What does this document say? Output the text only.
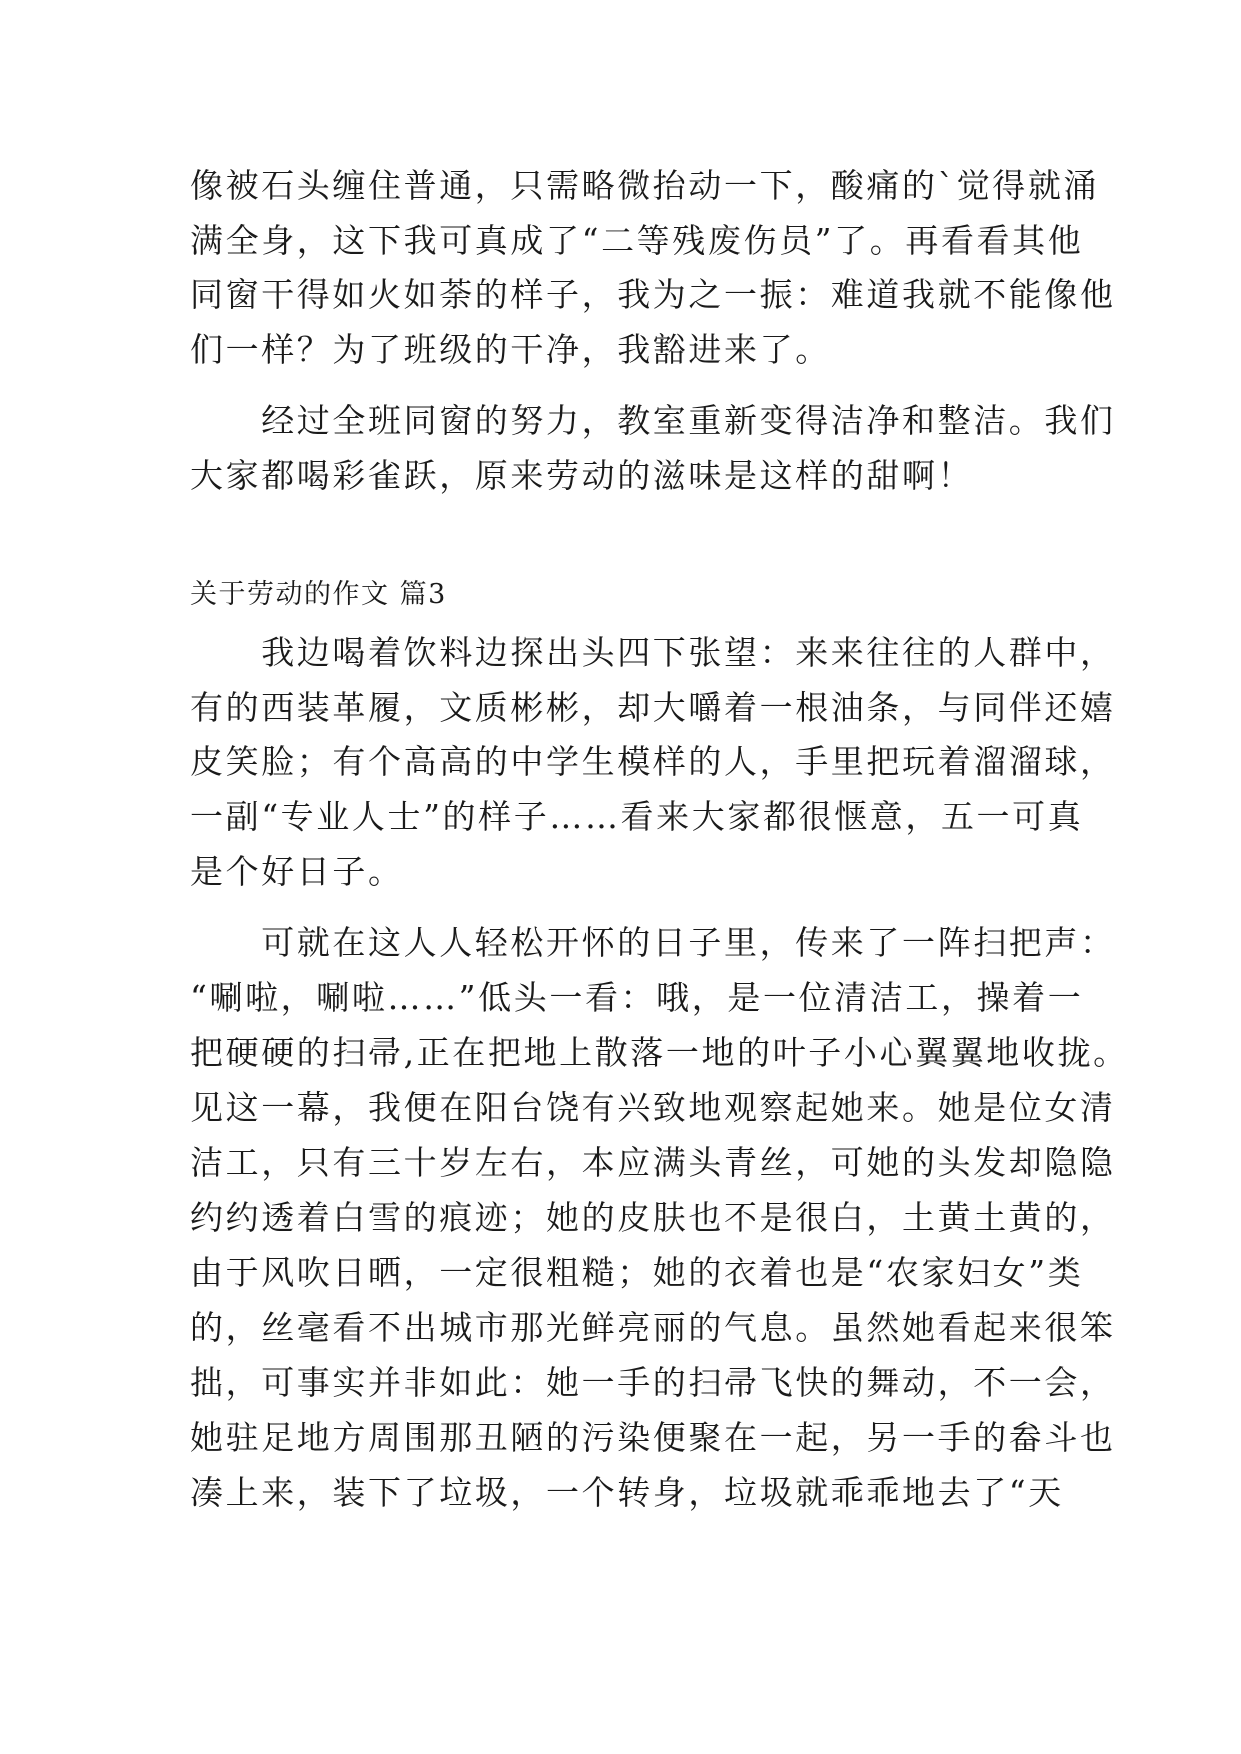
像被石头缠住普通，只需略微抬动一下，酸痛的`觉得就涌
满全身，这下我可真成了“二等残废伤员”了。再看看其他
同窗干得如火如荼的样子，我为之一振：难道我就不能像他
们一样？为了班级的干净，我豁进来了。
　　经过全班同窗的努力，教室重新变得洁净和整洁。我们
大家都喝彩雀跃，原来劳动的滋味是这样的甜啊！
关于劳动的作文 篇3
　　我边喝着饮料边探出头四下张望：来来往往的人群中，
有的西装革履，文质彬彬，却大嚼着一根油条，与同伴还嬉
皮笑脸；有个高高的中学生模样的人，手里把玩着溜溜球，
一副“专业人士”的样子……看来大家都很惬意，五一可真
是个好日子。
　　可就在这人人轻松开怀的日子里，传来了一阵扫把声：
“唰啦，唰啦……”低头一看：哦，是一位清洁工，操着一
把硬硬的扫帚,正在把地上散落一地的叶子小心翼翼地收拢。
见这一幕，我便在阳台饶有兴致地观察起她来。她是位女清
洁工，只有三十岁左右，本应满头青丝，可她的头发却隐隐
约约透着白雪的痕迹；她的皮肤也不是很白，土黄土黄的，
由于风吹日晒，一定很粗糙；她的衣着也是“农家妇女”类
的，丝毫看不出城市那光鲜亮丽的气息。虽然她看起来很笨
拙，可事实并非如此：她一手的扫帚飞快的舞动，不一会，
她驻足地方周围那丑陋的污染便聚在一起，另一手的畚斗也
凑上来，装下了垃圾，一个转身，垃圾就乖乖地去了“天
